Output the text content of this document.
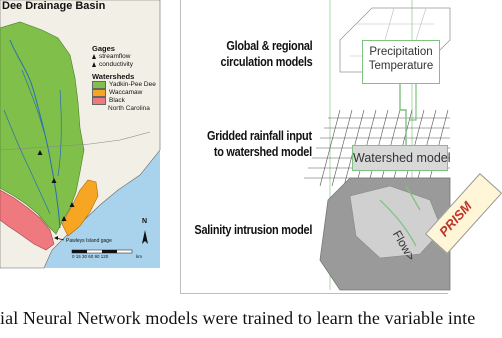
Dee Drainage Basin
Gages
streamflow
conductivity
Watersheds
Yadkin-Pee Dee
Waccamaw
Black
North Carolina
Pawleys Island gage
0 15 30 60 90 120	km
N
Global & regional
circulation models
Gridded rainfall input
to watershed model
Salinity intrusion model
Precipitation
Temperature
Watershed model
Flow>
PRISM
ial Neural Network models were trained to learn the variable inte
